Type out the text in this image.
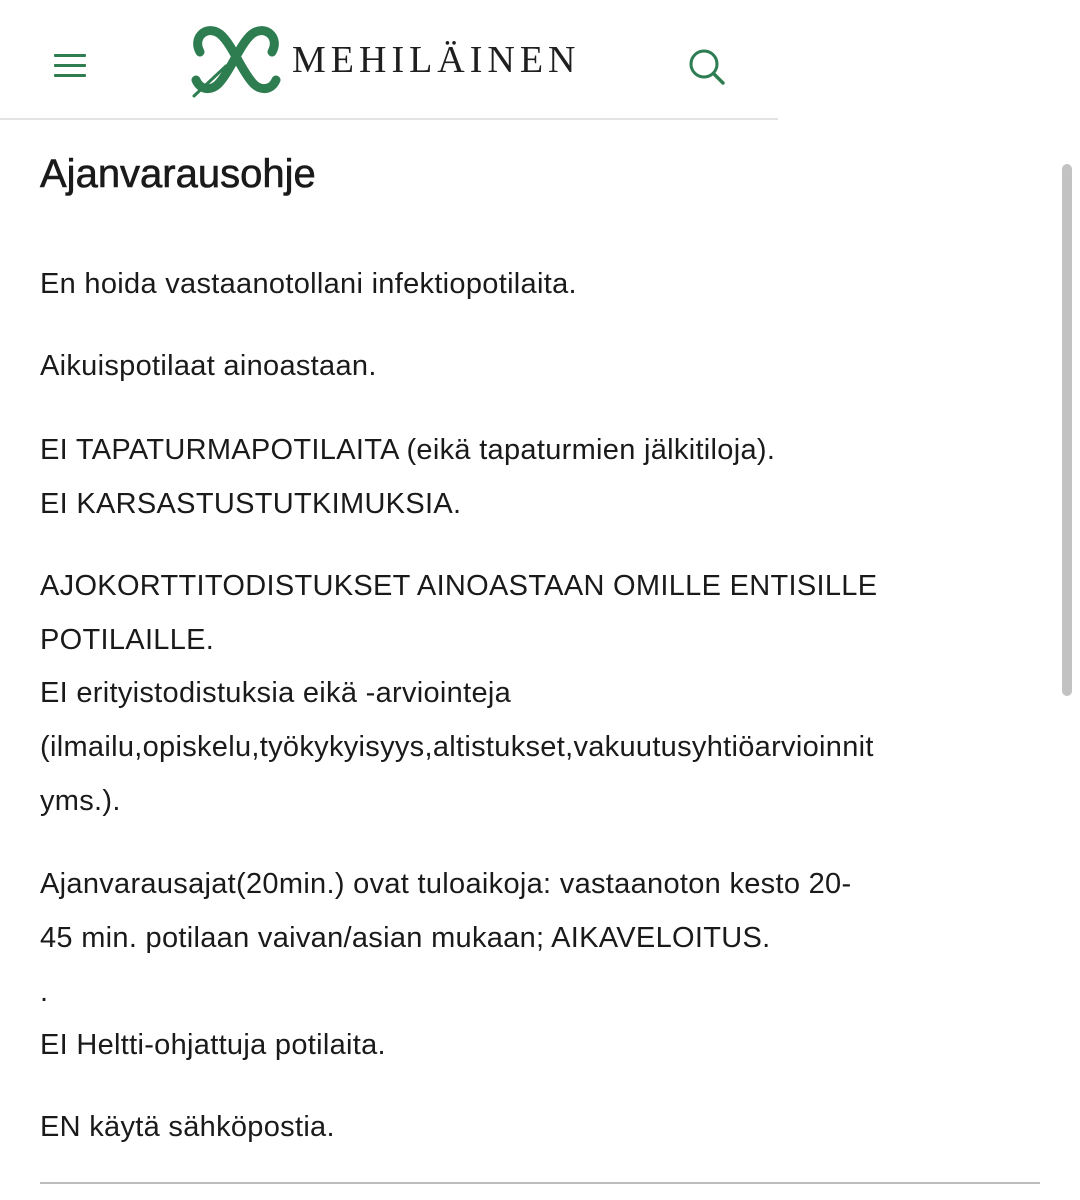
MEHILÄINEN
Ajanvarausohje

En hoida vastaanotollani infektiopotilaita.

Aikuispotilaat ainoastaan.

EI TAPATURMAPOTILAITA (eikä tapaturmien jälkitiloja).

EI KARSASTUSTUTKIMUKSIA.

AJOKORTTITODISTUKSET AINOASTAAN OMILLE ENTISILLE

POTILAILLE.

EI erityistodistuksia eikä -arviointeja

(ilmailu,opiskelu,työkykyisyys,altistukset,vakuutusyhtiöarvioinnit

yms.).

Ajanvarausajat(20min.) ovat tuloaikoja: vastaanoton kesto 20-

45 min. potilaan vaivan/asian mukaan; AIKAVELOITUS.

.

EI Heltti-ohjattuja potilaita.

EN käytä sähköpostia.
